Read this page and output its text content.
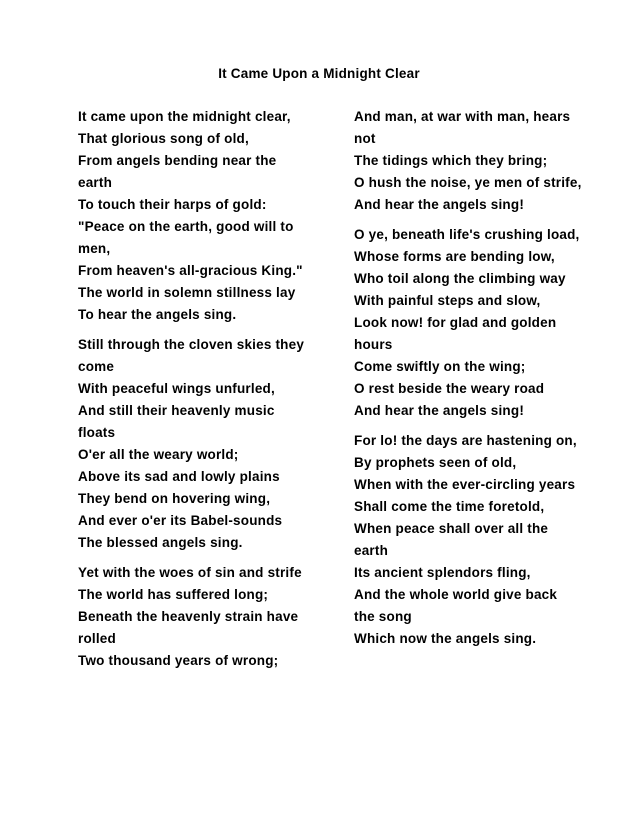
It Came Upon a Midnight Clear
It came upon the midnight clear,
That glorious song of old,
From angels bending near the
earth
To touch their harps of gold:
"Peace on the earth, good will to
men,
From heaven's all-gracious King."
The world in solemn stillness lay
To hear the angels sing.
Still through the cloven skies they
come
With peaceful wings unfurled,
And still their heavenly music
floats
O'er all the weary world;
Above its sad and lowly plains
They bend on hovering wing,
And ever o'er its Babel-sounds
The blessed angels sing.
Yet with the woes of sin and strife
The world has suffered long;
Beneath the heavenly strain have
rolled
Two thousand years of wrong;
And man, at war with man, hears
not
The tidings which they bring;
O hush the noise, ye men of strife,
And hear the angels sing!
O ye, beneath life's crushing load,
Whose forms are bending low,
Who toil along the climbing way
With painful steps and slow,
Look now! for glad and golden
hours
Come swiftly on the wing;
O rest beside the weary road
And hear the angels sing!
For lo! the days are hastening on,
By prophets seen of old,
When with the ever-circling years
Shall come the time foretold,
When peace shall over all the
earth
Its ancient splendors fling,
And the whole world give back
the song
Which now the angels sing.
